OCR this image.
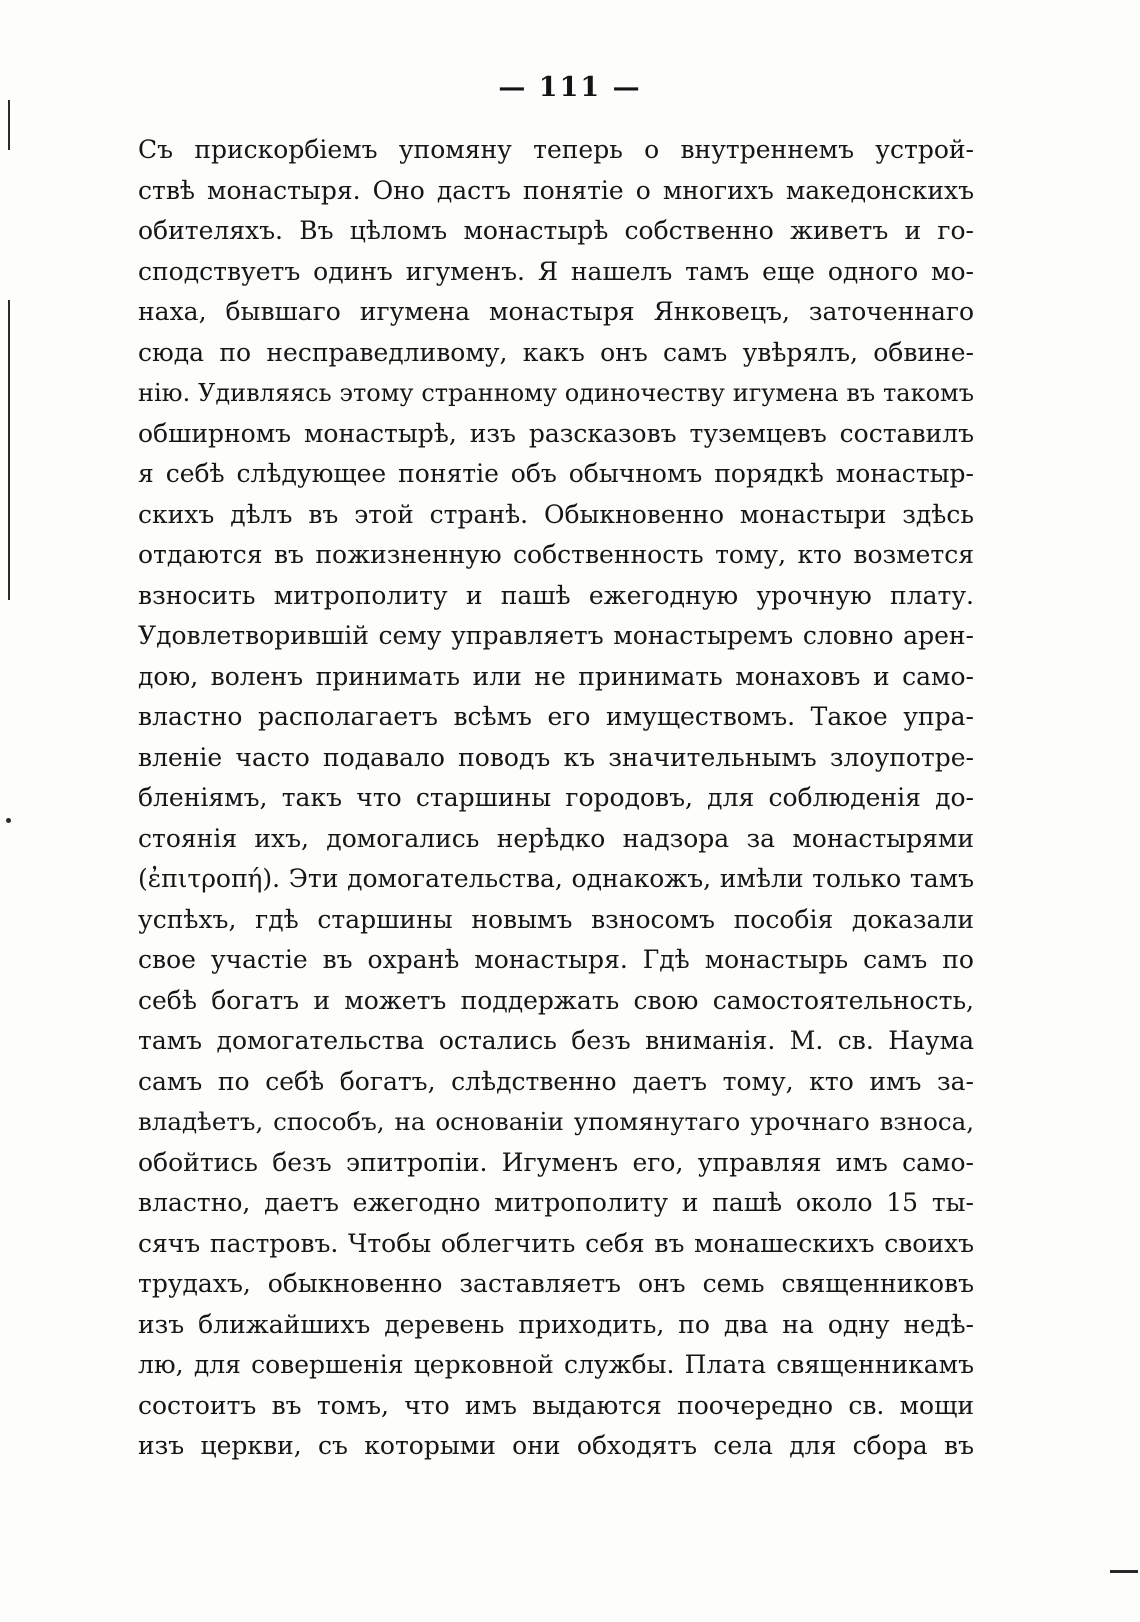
— 111 —
Съ прискорбіемъ упомяну теперь о внутреннемъ устрой-
ствѣ монастыря. Оно дастъ понятіе о многихъ македонскихъ
обителяхъ. Въ цѣломъ монастырѣ собственно живетъ и го-
сподствуетъ одинъ игуменъ. Я нашелъ тамъ еще одного мо-
наха, бывшаго игумена монастыря Янковецъ, заточеннаго
сюда по несправедливому, какъ онъ самъ увѣрялъ, обвине-
нію. Удивляясь этому странному одиночеству игумена въ такомъ
обширномъ монастырѣ, изъ разсказовъ туземцевъ составилъ
я себѣ слѣдующее понятіе объ обычномъ порядкѣ монастыр-
скихъ дѣлъ въ этой странѣ. Обыкновенно монастыри здѣсь
отдаются въ пожизненную собственность тому, кто возмется
взносить митрополиту и пашѣ ежегодную урочную плату.
Удовлетворившій сему управляетъ монастыремъ словно арен-
дою, воленъ принимать или не принимать монаховъ и само-
властно располагаетъ всѣмъ его имуществомъ. Такое упра-
вленіе часто подавало поводъ къ значительнымъ злоупотре-
бленіямъ, такъ что старшины городовъ, для соблюденія до-
стоянія ихъ, домогались нерѣдко надзора за монастырями
(ἐπιτροπή). Эти домогательства, однакожъ, имѣли только тамъ
успѣхъ, гдѣ старшины новымъ взносомъ пособія доказали
свое участіе въ охранѣ монастыря. Гдѣ монастырь самъ по
себѣ богатъ и можетъ поддержать свою самостоятельность,
тамъ домогательства остались безъ вниманія. М. св. Наума
самъ по себѣ богатъ, слѣдственно даетъ тому, кто имъ за-
владѣетъ, способъ, на основаніи упомянутаго урочнаго взноса,
обойтись безъ эпитропіи. Игуменъ его, управляя имъ само-
властно, даетъ ежегодно митрополиту и пашѣ около 15 ты-
сячъ пастровъ. Чтобы облегчить себя въ монашескихъ своихъ
трудахъ, обыкновенно заставляетъ онъ семь священниковъ
изъ ближайшихъ деревень приходить, по два на одну недѣ-
лю, для совершенія церковной службы. Плата священникамъ
состоитъ въ томъ, что имъ выдаются поочередно св. мощи
изъ церкви, съ которыми они обходятъ села для сбора въ
